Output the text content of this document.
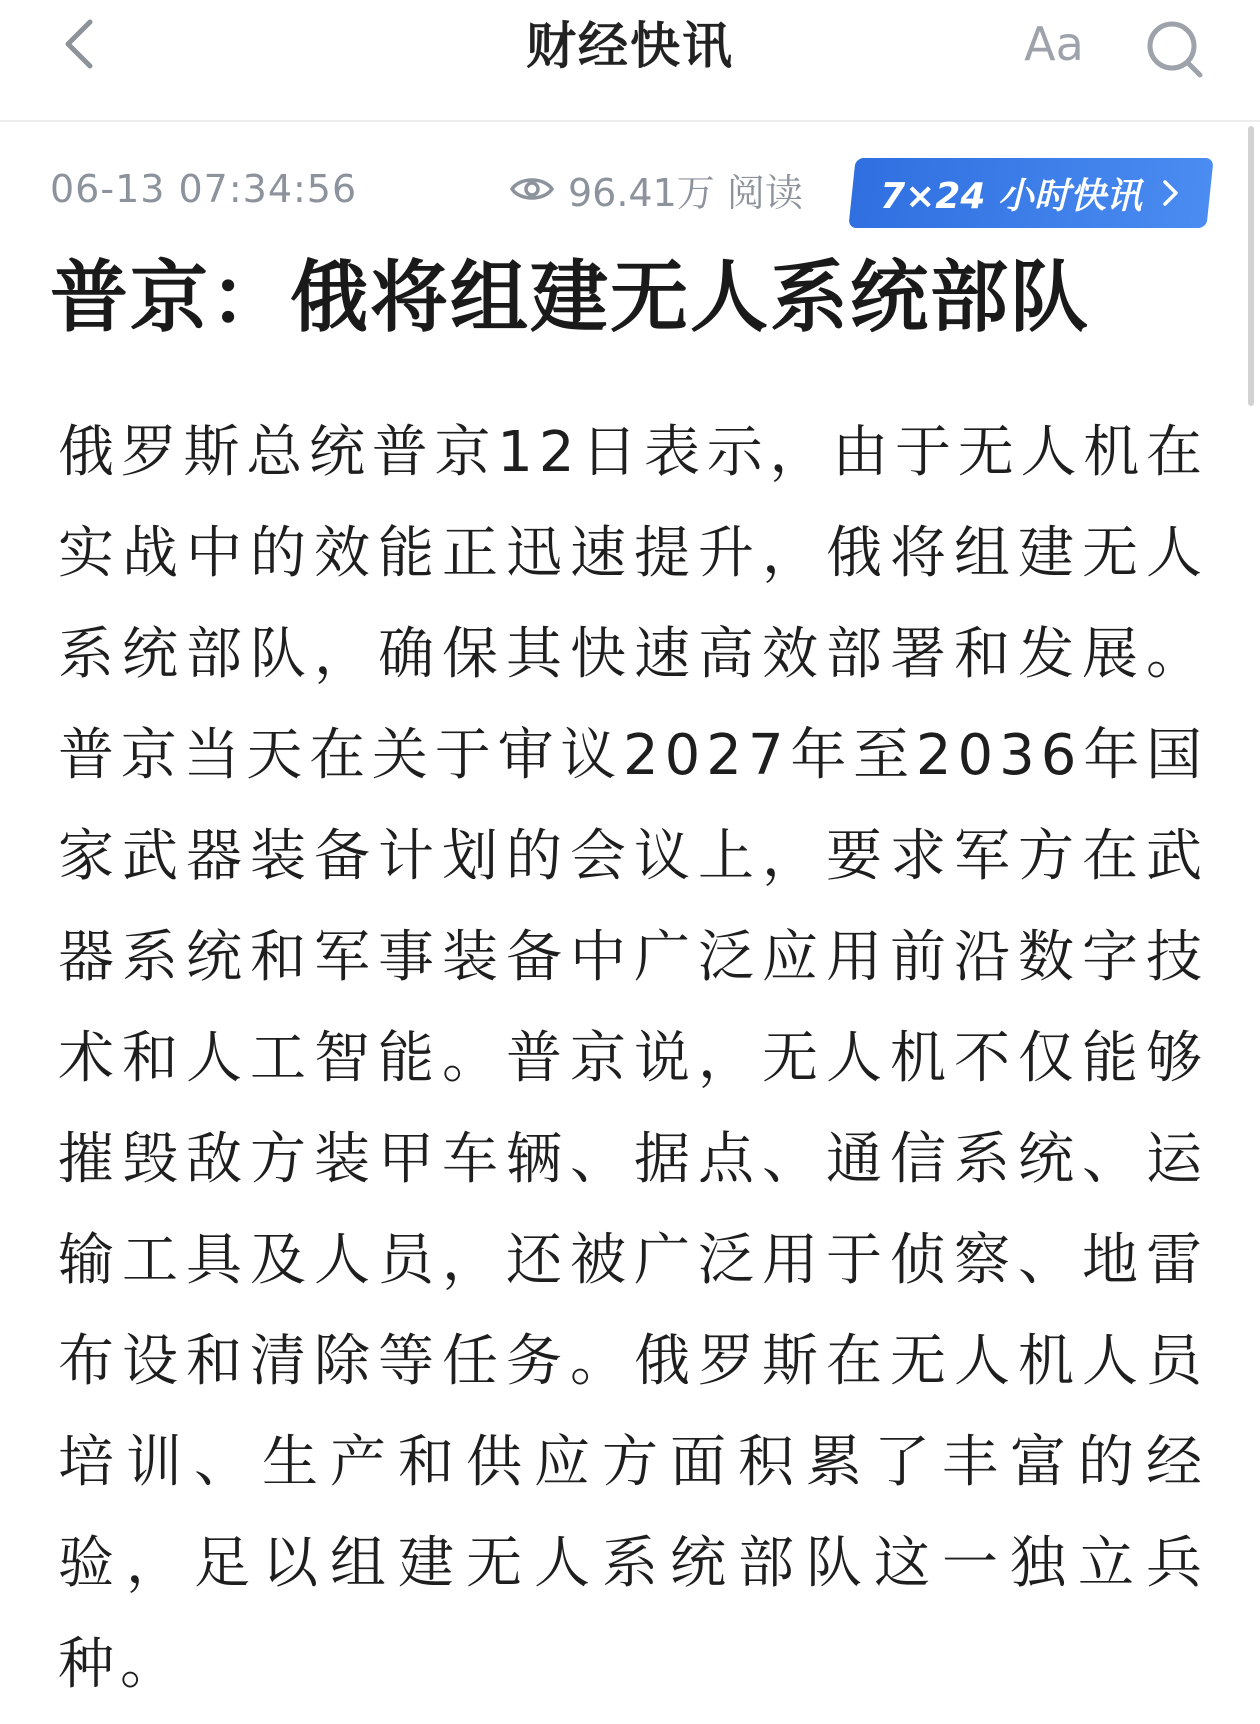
财经快讯	Aa
06-13 07:34:56	96.41万 阅读 7×24 小时快讯
普京：俄将组建无人系统部队

俄罗斯总统普京12日表示，由于无人机在实战中的效能正迅速提升，俄将组建无人系统部队，确保其快速高效部署和发展。普京当天在关于审议2027年至2036年国家武器装备计划的会议上，要求军方在武器系统和军事装备中广泛应用前沿数字技术和人工智能。普京说，无人机不仅能够摧毁敌方装甲车辆、据点、通信系统、运输工具及人员，还被广泛用于侦察、地雷布设和清除等任务。俄罗斯在无人机人员培训、生产和供应方面积累了丰富的经验，足以组建无人系统部队这一独立兵种。
